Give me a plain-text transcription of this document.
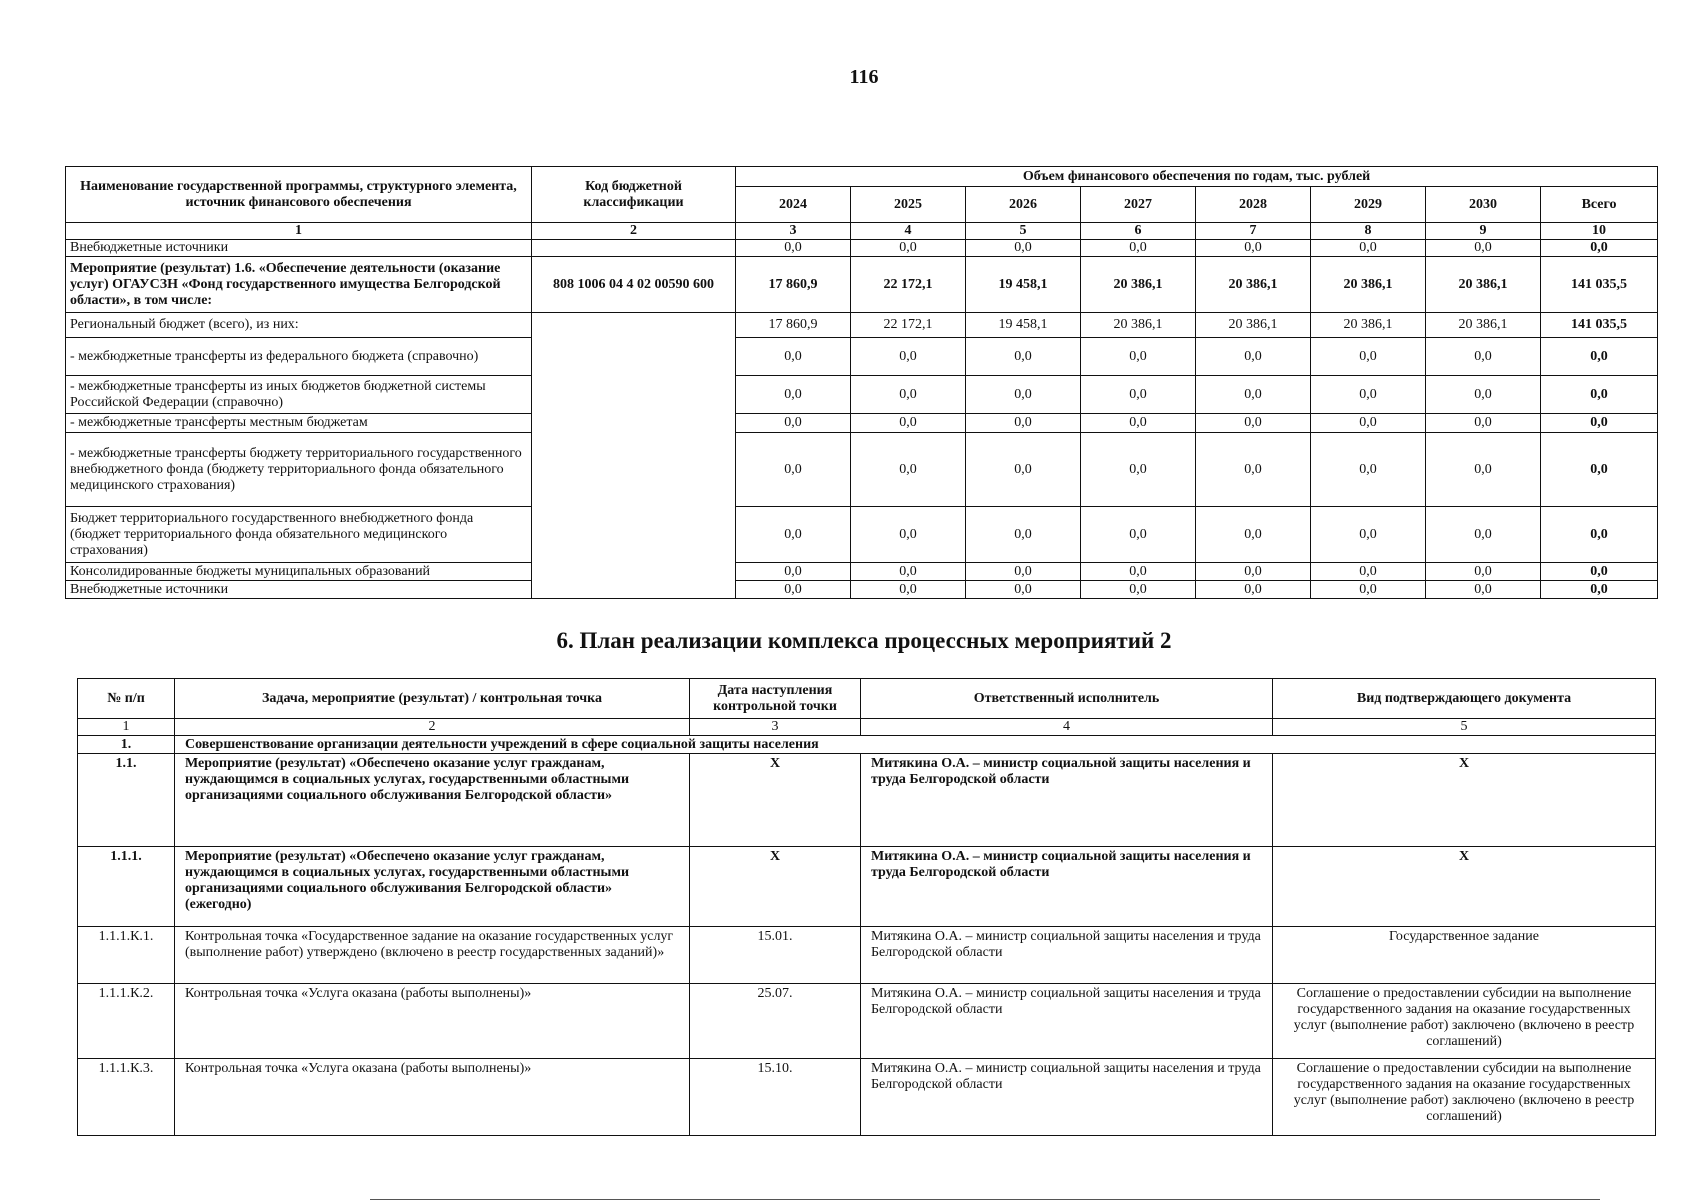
116
Наименование государственной программы, структурного элемента, источник финансового обеспечения	Код бюджетной классификации	Объем финансового обеспечения по годам, тыс. рублей							
		2024	2025	2026	2027	2028	2029	2030	Всего
1	2	3	4	5	6	7	8	9	10
Внебюджетные источники		0,0	0,0	0,0	0,0	0,0	0,0	0,0	0,0
Мероприятие (результат) 1.6. «Обеспечение деятельности (оказание услуг) ОГАУСЗН «Фонд государственного имущества Белгородской области», в том числе:	808 1006 04 4 02 00590 600	17 860,9	22 172,1	19 458,1	20 386,1	20 386,1	20 386,1	20 386,1	141 035,5
Региональный бюджет (всего), из них:		17 860,9	22 172,1	19 458,1	20 386,1	20 386,1	20 386,1	20 386,1	141 035,5
- межбюджетные трансферты из федерального бюджета (справочно)		0,0	0,0	0,0	0,0	0,0	0,0	0,0	0,0
- межбюджетные трансферты из иных бюджетов бюджетной системы Российской Федерации (справочно)		0,0	0,0	0,0	0,0	0,0	0,0	0,0	0,0
- межбюджетные трансферты местным бюджетам		0,0	0,0	0,0	0,0	0,0	0,0	0,0	0,0
- межбюджетные трансферты бюджету территориального государственного внебюджетного фонда (бюджету территориального фонда обязательного медицинского страхования)		0,0	0,0	0,0	0,0	0,0	0,0	0,0	0,0
Бюджет территориального государственного внебюджетного фонда (бюджет территориального фонда обязательного медицинского страхования)		0,0	0,0	0,0	0,0	0,0	0,0	0,0	0,0
Консолидированные бюджеты муниципальных образований		0,0	0,0	0,0	0,0	0,0	0,0	0,0	0,0
Внебюджетные источники		0,0	0,0	0,0	0,0	0,0	0,0	0,0	0,0
6. План реализации комплекса процессных мероприятий 2
№ п/п	Задача, мероприятие (результат) / контрольная точка	Дата наступления контрольной точки	Ответственный исполнитель	Вид подтверждающего документа
1	2	3	4	5
1.	Совершенствование организации деятельности учреждений в сфере социальной защиты населения			
1.1.	Мероприятие (результат) «Обеспечено оказание услуг гражданам, нуждающимся в социальных услугах, государственными областными организациями социального обслуживания Белгородской области»	X	Митякина О.А. – министр социальной защиты населения и труда Белгородской области	X
1.1.1.	Мероприятие (результат) «Обеспечено оказание услуг гражданам, нуждающимся в социальных услугах, государственными областными организациями социального обслуживания Белгородской области» (ежегодно)	X	Митякина О.А. – министр социальной защиты населения и труда Белгородской области	X
1.1.1.К.1.	Контрольная точка «Государственное задание на оказание государственных услуг (выполнение работ) утверждено (включено в реестр государственных заданий)»	15.01.	Митякина О.А. – министр социальной защиты населения и труда Белгородской области	Государственное задание
1.1.1.К.2.	Контрольная точка «Услуга оказана (работы выполнены)»	25.07.	Митякина О.А. – министр социальной защиты населения и труда Белгородской области	Соглашение о предоставлении субсидии на выполнение государственного задания на оказание государственных услуг (выполнение работ) заключено (включено в реестр соглашений)
1.1.1.К.3.	Контрольная точка «Услуга оказана (работы выполнены)»	15.10.	Митякина О.А. – министр социальной защиты населения и труда Белгородской области	Соглашение о предоставлении субсидии на выполнение государственного задания на оказание государственных услуг (выполнение работ) заключено (включено в реестр соглашений)
